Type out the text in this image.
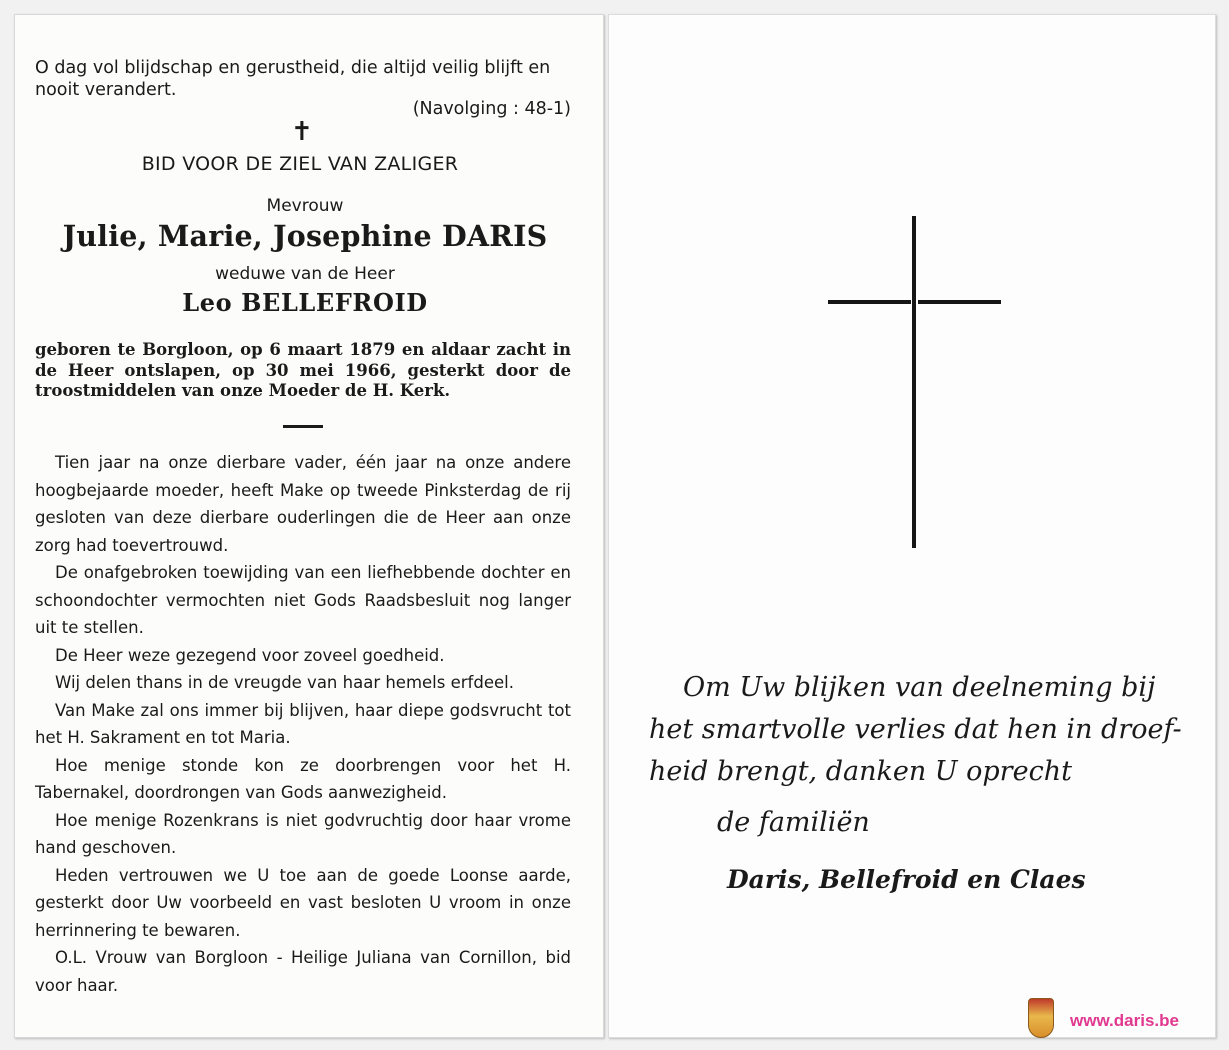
O dag vol blijdschap en gerustheid, die altijd veilig blijft en nooit verandert.

(Navolging : 48-1)

✝

BID VOOR DE ZIEL VAN ZALIGER

Mevrouw

Julie, Marie, Josephine DARIS

weduwe van de Heer

Leo BELLEFROID

geboren te Borgloon, op 6 maart 1879 en aldaar zacht in de Heer ontslapen, op 30 mei 1966, gesterkt door de troostmiddelen van onze Moeder de H. Kerk.

Tien jaar na onze dierbare vader, één jaar na onze andere hoogbejaarde moeder, heeft Make op tweede Pinksterdag de rij gesloten van deze dierbare ouderlingen die de Heer aan onze zorg had toevertrouwd.

De onafgebroken toewijding van een liefhebbende dochter en schoondochter vermochten niet Gods Raadsbesluit nog langer uit te stellen.

De Heer weze gezegend voor zoveel goedheid.

Wij delen thans in de vreugde van haar hemels erfdeel.

Van Make zal ons immer bij blijven, haar diepe godsvrucht tot het H. Sakrament en tot Maria.

Hoe menige stonde kon ze doorbrengen voor het H. Tabernakel, doordrongen van Gods aanwezigheid.

Hoe menige Rozenkrans is niet godvruchtig door haar vrome hand geschoven.

Heden vertrouwen we U toe aan de goede Loonse aarde, gesterkt door Uw voorbeeld en vast besloten U vroom in onze herrinnering te bewaren.

O.L. Vrouw van Borgloon - Heilige Juliana van Cornillon, bid voor haar.

Om Uw blijken van deelneming bij
het smartvolle verlies dat hen in droef-
heid brengt, danken U oprecht

de familiën

Daris, Bellefroid en Claes

www.daris.be
